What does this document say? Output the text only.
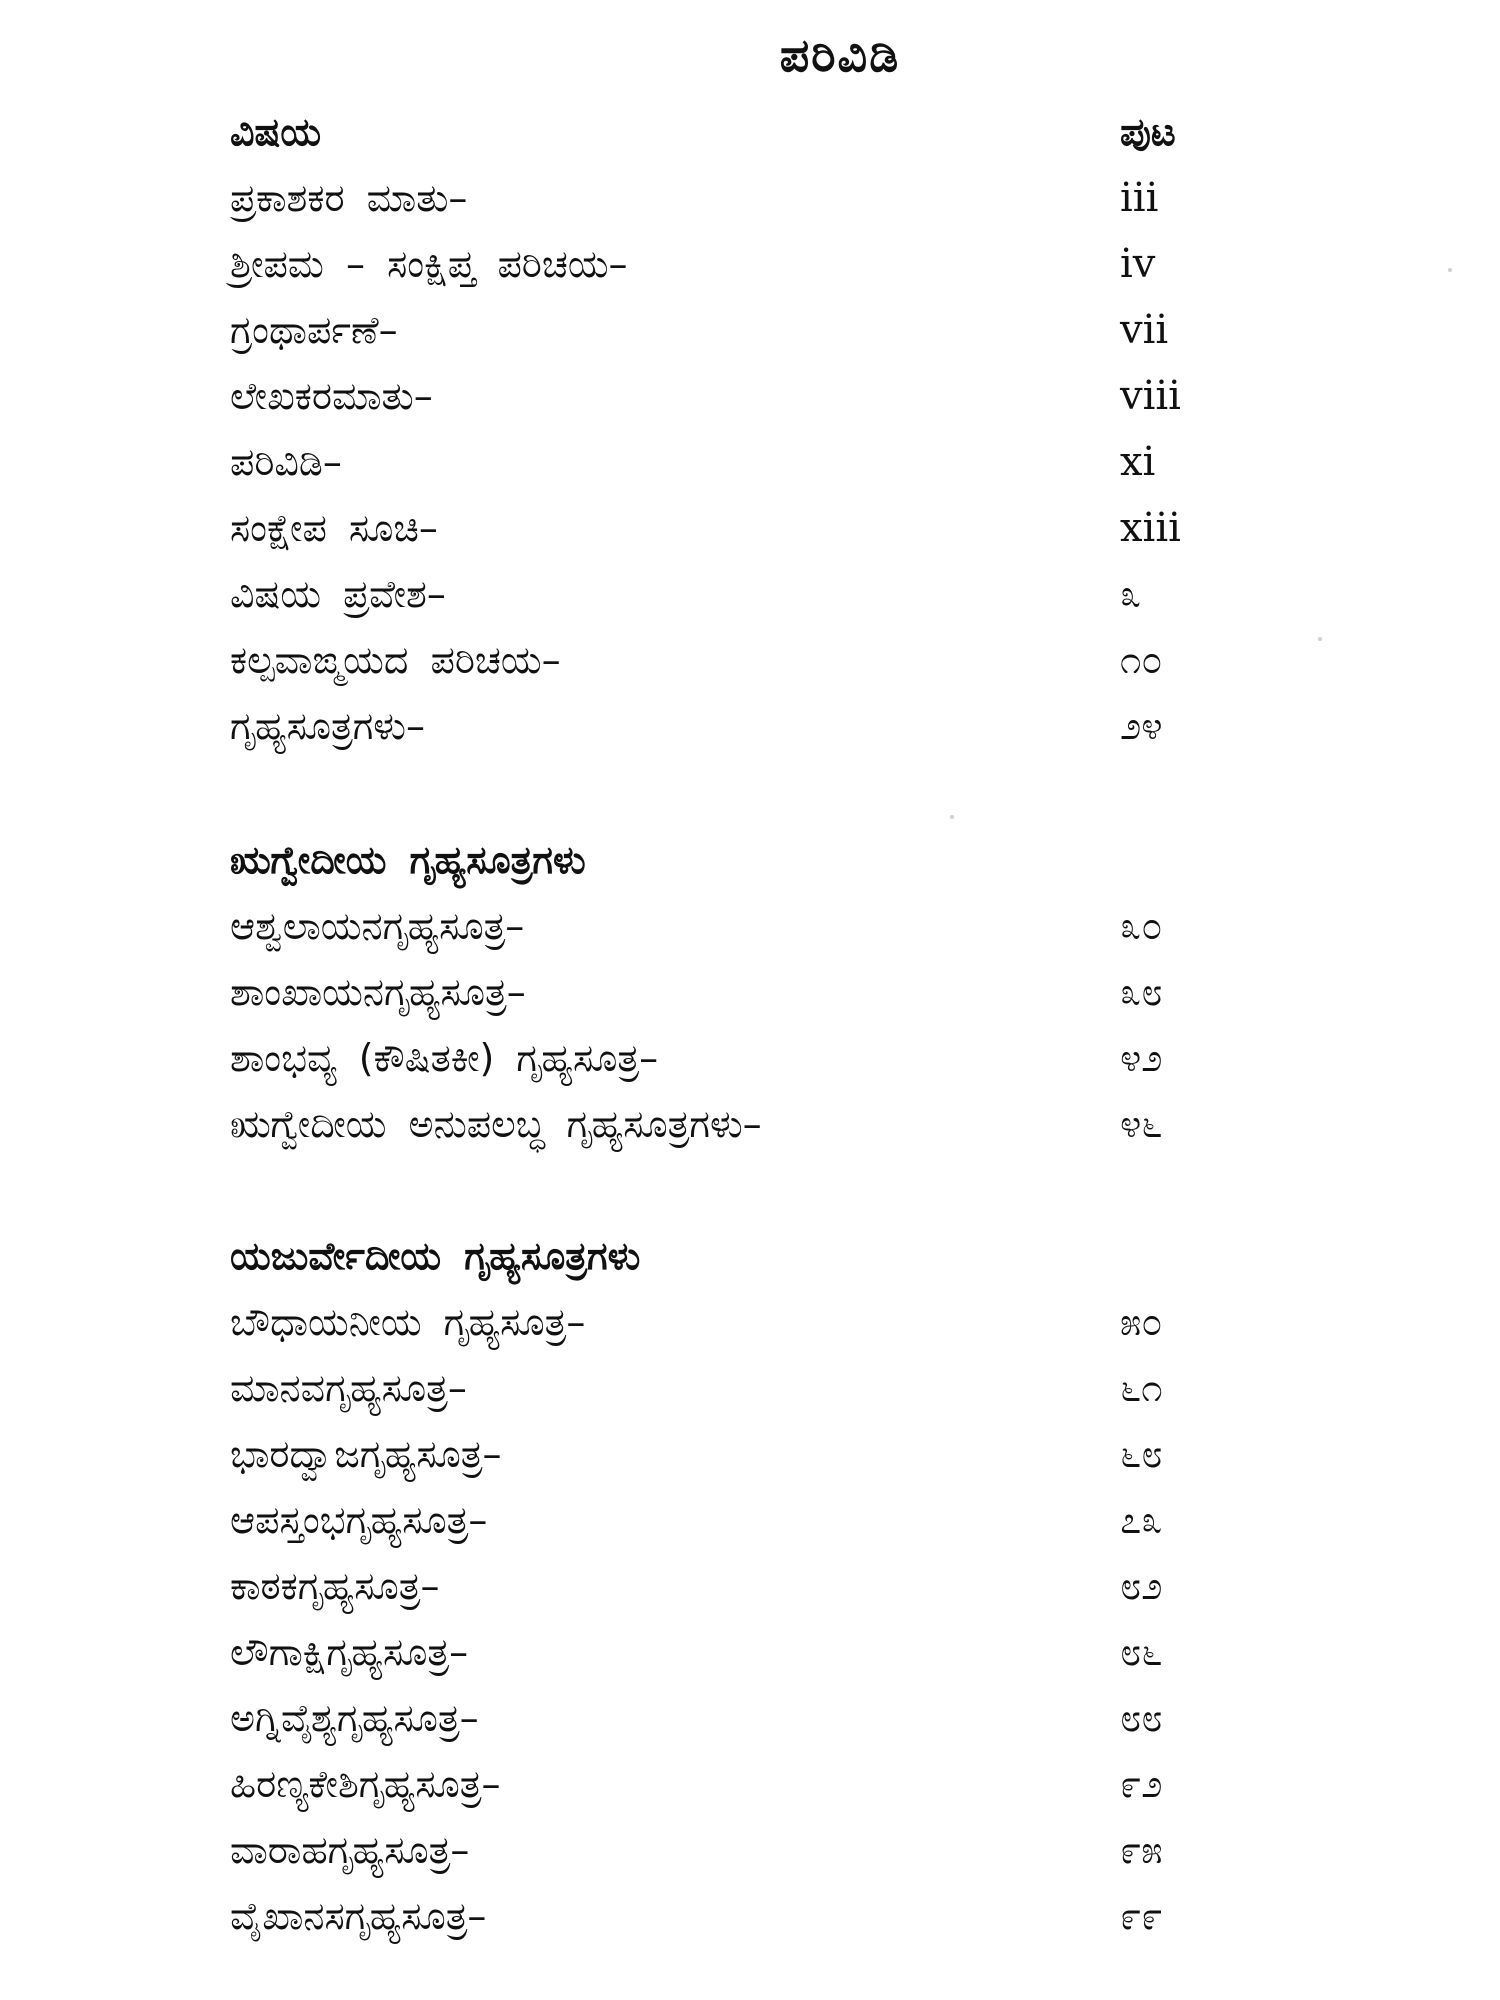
ಪರಿವಿಡಿ
ವಿಷಯ	ಪುಟ
ಪ್ರಕಾಶಕರ ಮಾತು–	iii
ಶ್ರೀಪಮ – ಸಂಕ್ಷಿಪ್ತ ಪರಿಚಯ–	iv
ಗ್ರಂಥಾರ್ಪಣೆ–	vii
ಲೇಖಕರಮಾತು–	viii
ಪರಿವಿಡಿ–	xi
ಸಂಕ್ಷೇಪ ಸೂಚಿ–	xiii
ವಿಷಯ ಪ್ರವೇಶ–	೩
ಕಲ್ಪವಾಙ್ಮಯದ ಪರಿಚಯ–	೧೦
ಗೃಹ್ಯಸೂತ್ರಗಳು–	೨೪
ಋಗ್ವೇದೀಯ ಗೃಹ್ಯಸೂತ್ರಗಳು
ಆಶ್ವಲಾಯನಗೃಹ್ಯಸೂತ್ರ–	೩೦
ಶಾಂಖಾಯನಗೃಹ್ಯಸೂತ್ರ–	೩೮
ಶಾಂಭವ್ಯ (ಕೌಷಿತಕೀ) ಗೃಹ್ಯಸೂತ್ರ–	೪೨
ಋಗ್ವೇದೀಯ ಅನುಪಲಬ್ಧ ಗೃಹ್ಯಸೂತ್ರಗಳು–	೪೬
ಯಜುರ್ವೇದೀಯ ಗೃಹ್ಯಸೂತ್ರಗಳು
ಬೌಧಾಯನೀಯ ಗೃಹ್ಯಸೂತ್ರ–	೫೦
ಮಾನವಗೃಹ್ಯಸೂತ್ರ–	೬೧
ಭಾರದ್ವಾಜಗೃಹ್ಯಸೂತ್ರ–	೬೮
ಆಪಸ್ತಂಭಗೃಹ್ಯಸೂತ್ರ–	೭೩
ಕಾಠಕಗೃಹ್ಯಸೂತ್ರ–	೮೨
ಲೌಗಾಕ್ಷಿಗೃಹ್ಯಸೂತ್ರ–	೮೬
ಅಗ್ನಿವೈಶ್ಯಗೃಹ್ಯಸೂತ್ರ–	೮೮
ಹಿರಣ್ಯಕೇಶಿಗೃಹ್ಯಸೂತ್ರ–	೯೨
ವಾರಾಹಗೃಹ್ಯಸೂತ್ರ–	೯೫
ವೈಖಾನಸಗೃಹ್ಯಸೂತ್ರ–	೯೯
